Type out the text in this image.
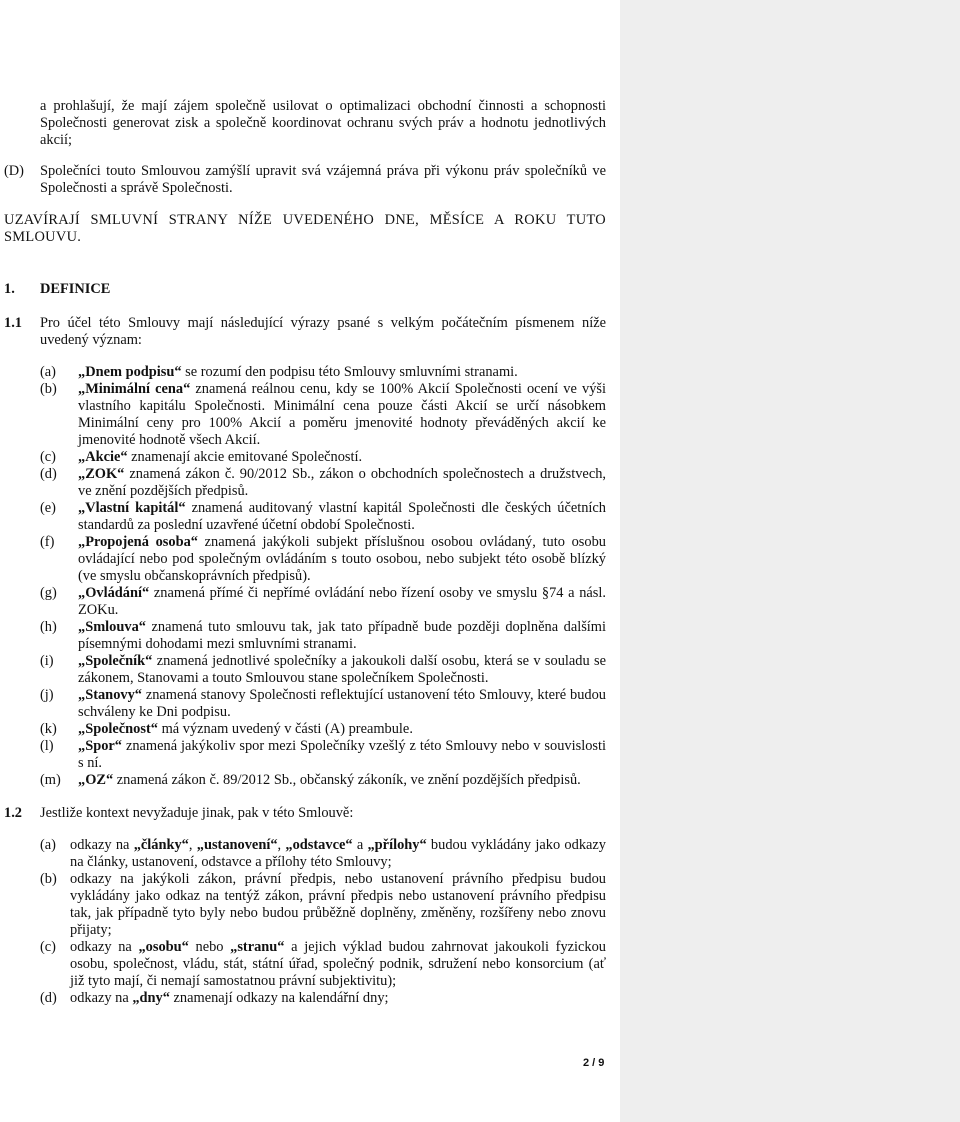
a prohlašují, že mají zájem společně usilovat o optimalizaci obchodní činnosti a schopnosti Společnosti generovat zisk a společně koordinovat ochranu svých práv a hodnotu jednotlivých akcií;
(D) Společníci touto Smlouvou zamýšlí upravit svá vzájemná práva při výkonu práv společníků ve Společnosti a správě Společnosti.
UZAVÍRAJÍ SMLUVNÍ STRANY NÍŽE UVEDENÉHO DNE, MĚSÍCE A ROKU TUTO SMLOUVU.
1. DEFINICE
1.1 Pro účel této Smlouvy mají následující výrazy psané s velkým počátečním písmenem níže uvedený význam:
(a) „Dnem podpisu“ se rozumí den podpisu této Smlouvy smluvními stranami.
(b) „Minimální cena“ znamená reálnou cenu, kdy se 100% Akcií Společnosti ocení ve výši vlastního kapitálu Společnosti. Minimální cena pouze části Akcií se určí násobkem Minimální ceny pro 100% Akcií a poměru jmenovité hodnoty převáděných akcií ke jmenovité hodnotě všech Akcií.
(c) „Akcie“ znamenají akcie emitované Společností.
(d) „ZOK“ znamená zákon č. 90/2012 Sb., zákon o obchodních společnostech a družstvech, ve znění pozdějších předpisů.
(e) „Vlastní kapitál“ znamená auditovaný vlastní kapitál Společnosti dle českých účetních standardů za poslední uzavřené účetní období Společnosti.
(f) „Propojená osoba“ znamená jakýkoli subjekt příslušnou osobou ovládaný, tuto osobu ovládající nebo pod společným ovládáním s touto osobou, nebo subjekt této osobě blízký (ve smyslu občanskoprávních předpisů).
(g) „Ovládání“ znamená přímé či nepřímé ovládání nebo řízení osoby ve smyslu §74 a násl. ZOKu.
(h) „Smlouva“ znamená tuto smlouvu tak, jak tato případně bude později doplněna dalšími písemnými dohodami mezi smluvními stranami.
(i) „Společník“ znamená jednotlivé společníky a jakoukoli další osobu, která se v souladu se zákonem, Stanovami a touto Smlouvou stane společníkem Společnosti.
(j) „Stanovy“ znamená stanovy Společnosti reflektující ustanovení této Smlouvy, které budou schváleny ke Dni podpisu.
(k) „Společnost“ má význam uvedený v části (A) preambule.
(l) „Spor“ znamená jakýkoliv spor mezi Společníky vzešlý z této Smlouvy nebo v souvislosti s ní.
(m) „OZ“ znamená zákon č. 89/2012 Sb., občanský zákoník, ve znění pozdějších předpisů.
1.2 Jestliže kontext nevyžaduje jinak, pak v této Smlouvě:
(a) odkazy na „články“, „ustanovení“, „odstavce“ a „přílohy“ budou vykládány jako odkazy na články, ustanovení, odstavce a přílohy této Smlouvy;
(b) odkazy na jakýkoli zákon, právní předpis, nebo ustanovení právního předpisu budou vykládány jako odkaz na tentýž zákon, právní předpis nebo ustanovení právního předpisu tak, jak případně tyto byly nebo budou průběžně doplněny, změněny, rozšířeny nebo znovu přijaty;
(c) odkazy na „osobu“ nebo „stranu“ a jejich výklad budou zahrnovat jakoukoli fyzickou osobu, společnost, vládu, stát, státní úřad, společný podnik, sdružení nebo konsorcium (ať již tyto mají, či nemají samostatnou právní subjektivitu);
(d) odkazy na „dny“ znamenají odkazy na kalendářní dny;
2 / 9
